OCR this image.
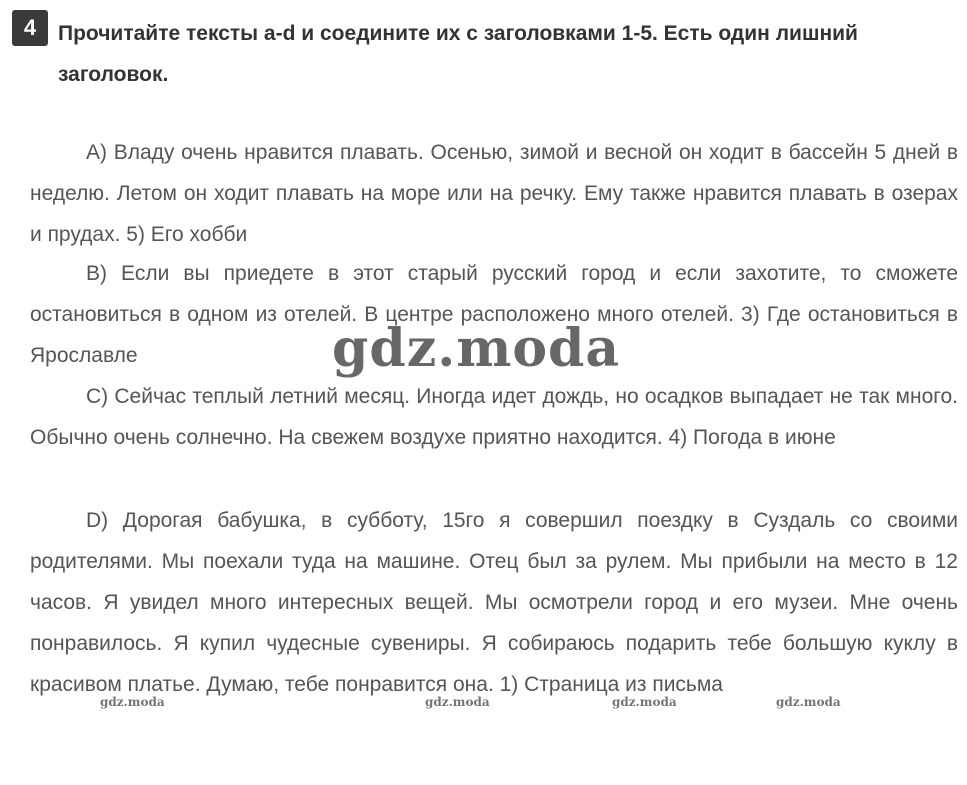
4	Прочитайте тексты a-d и соедините их с заголовками 1-5. Есть один лишний заголовок.

A) Владу очень нравится плавать. Осенью, зимой и весной он ходит в бассейн 5 дней в неделю. Летом он ходит плавать на море или на речку. Ему также нравится плавать в озерах и прудах. 5) Его хобби

B) Если вы приедете в этот старый русский город и если захотите, то сможете остановиться в одном из отелей. В центре расположено много отелей. 3) Где остановиться в Ярославле

C) Сейчас теплый летний месяц. Иногда идет дождь, но осадков выпадает не так много. Обычно очень солнечно. На свежем воздухе приятно находится. 4) Погода в июне

D) Дорогая бабушка, в субботу, 15го я совершил поездку в Суздаль со своими родителями. Мы поехали туда на машине. Отец был за рулем. Мы прибыли на место в 12 часов. Я увидел много интересных вещей. Мы осмотрели город и его музеи. Мне очень понравилось. Я купил чудесные сувениры. Я собираюсь подарить тебе большую куклу в красивом платье. Думаю, тебе понравится она. 1) Страница из письма

gdz.moda
gdz.moda	gdz.moda	gdz.moda	gdz.moda
